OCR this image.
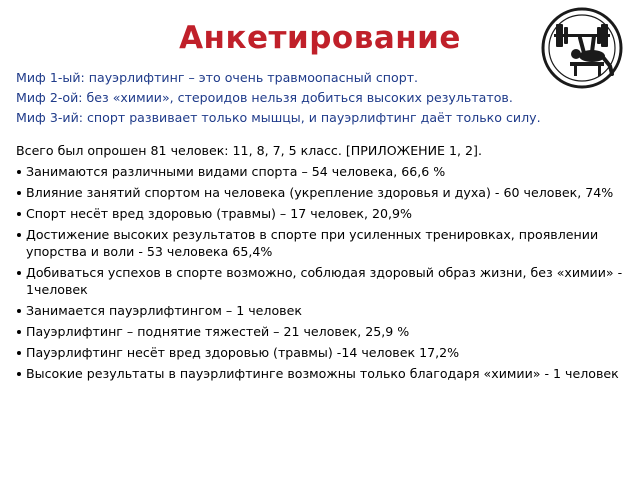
Анкетирование
Миф 1-ый: пауэрлифтинг – это очень травмоопасный спорт.
Миф 2-ой: без «химии», стероидов нельзя добиться высоких результатов.
Миф 3-ий: спорт развивает только мышцы, и пауэрлифтинг даёт только силу.
Всего был опрошен 81 человек: 11, 8, 7, 5 класс. [ПРИЛОЖЕНИЕ 1, 2].
Занимаются различными видами спорта – 54 человека, 66,6 %
Влияние занятий спортом на человека (укрепление здоровья и духа) - 60 человек, 74%
Спорт несёт вред здоровью (травмы) – 17 человек, 20,9%
Достижение высоких результатов в спорте при усиленных тренировках, проявлении упорства и воли - 53 человека 65,4%
Добиваться успехов в спорте возможно, соблюдая здоровый образ жизни, без «химии» - 1человек
Занимается пауэрлифтингом – 1 человек
Пауэрлифтинг – поднятие тяжестей – 21 человек, 25,9 %
Пауэрлифтинг несёт вред здоровью (травмы) -14 человек 17,2%
Высокие результаты в пауэрлифтинге возможны только благодаря «химии» - 1 человек
